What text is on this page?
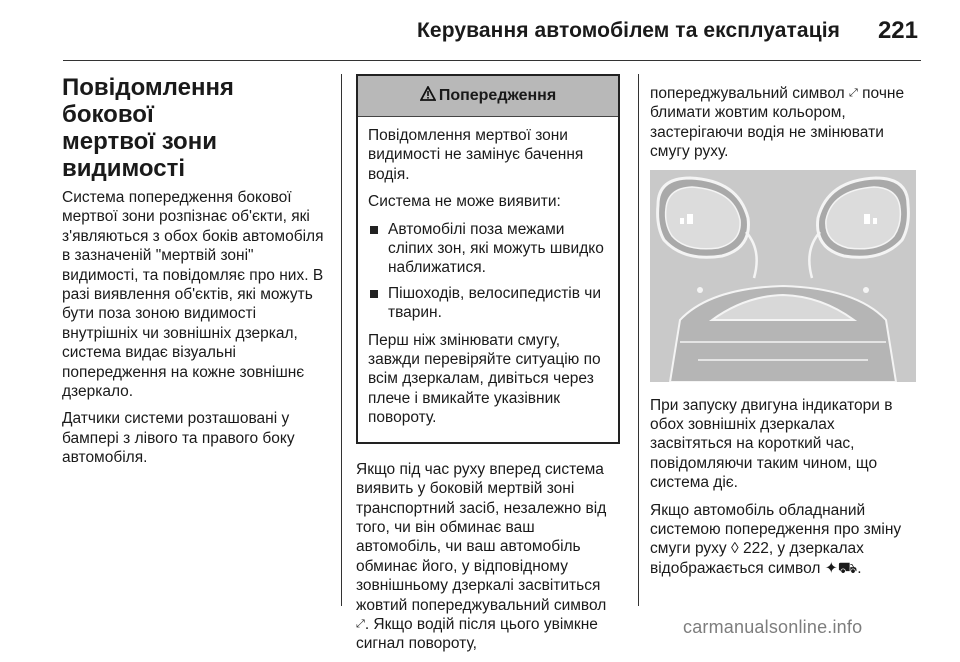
Керування автомобілем та експлуатація 221
Повідомлення бокової
мертвої зони видимості

Система попередження бокової мертвої зони розпізнає об'єкти, які з'являються з обох боків автомобіля в зазначеній "мертвій зоні" видимості, та повідомляє про них. В разі виявлення об'єктів, які можуть бути поза зоною видимості внутрішніх чи зовнішніх дзеркал, система видає візуальні попередження на кожне зовнішнє дзеркало.

Датчики системи розташовані у бампері з лівого та правого боку автомобіля.

Попередження

Повідомлення мертвої зони видимості не замінує бачення водія.

Система не може виявити:

Автомобілі поза межами сліпих зон, які можуть швидко наближатися.
Пішоходів, велосипедистів чи тварин.

Перш ніж змінювати смугу, завжди перевіряйте ситуацію по всім дзеркалам, дивіться через плече і вмикайте указівник повороту.

Якщо під час руху вперед система виявить у боковій мертвій зоні транспортний засіб, незалежно від того, чи він обминає ваш автомобіль, чи ваш автомобіль обминає його, у відповідному зовнішньому дзеркалі засвітиться жовтий попереджувальний символ ⤢. Якщо водій після цього увімкне сигнал повороту,

попереджувальний символ ⤢ почне блимати жовтим кольором, застерігаючи водія не змінювати смугу руху.

При запуску двигуна індикатори в обох зовнішніх дзеркалах засвітяться на короткий час, повідомляючи таким чином, що система діє.

Якщо автомобіль обладнаний системою попередження про зміну смуги руху ◊ 222, у дзеркалах відображається символ ✦⛟.

carmanualsonline.info
